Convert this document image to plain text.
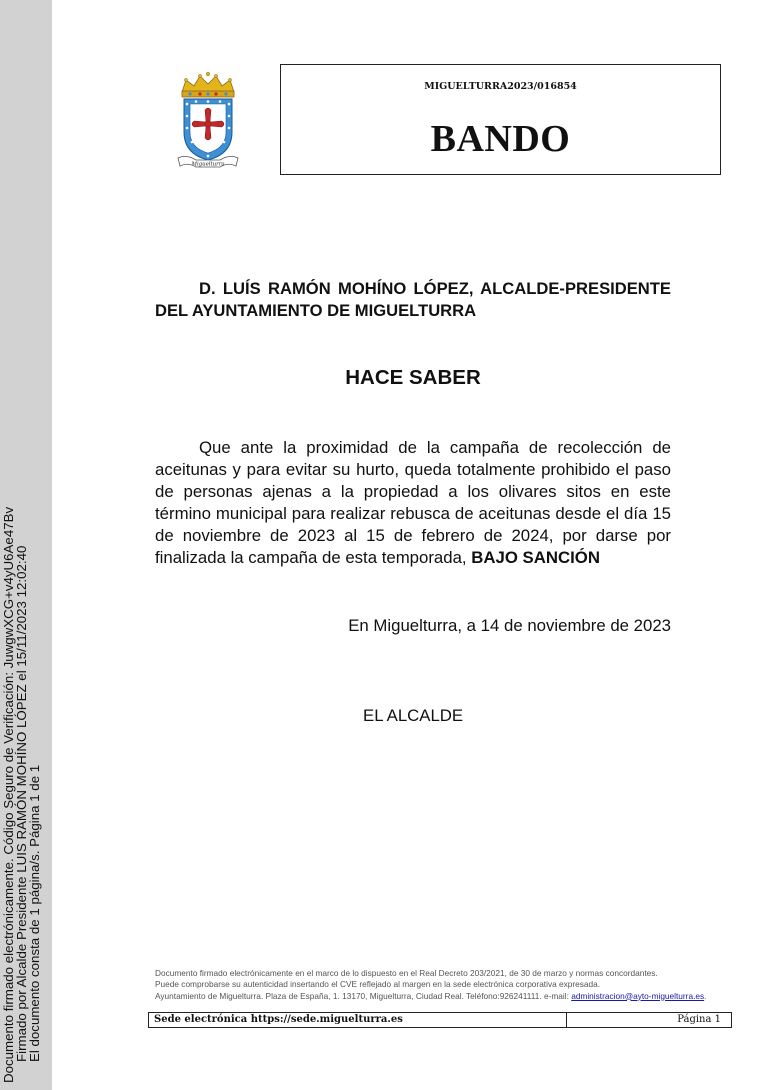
Documento firmado electrónicamente. Código Seguro de Verificación: JuwgwXCG+v4yU6Ae47Bv
Firmado por Alcalde Presidente LUIS RAMÓN MOHÍNO LÓPEZ el 15/11/2023 12:02:40
El documento consta de 1 página/s. Página 1 de 1
Miguelturra
MIGUELTURRA2023/016854
BANDO
D. LUÍS RAMÓN MOHÍNO LÓPEZ, ALCALDE-PRESIDENTE DEL AYUNTAMIENTO DE MIGUELTURRA
HACE SABER
Que ante la proximidad de la campaña de recolección de aceitunas y para evitar su hurto, queda totalmente prohibido el paso de personas ajenas a la propiedad a los olivares sitos en este término municipal para realizar rebusca de aceitunas desde el día 15 de noviembre de 2023 al 15 de febrero de 2024, por darse por finalizada la campaña de esta temporada, BAJO SANCIÓN
En Miguelturra, a 14 de noviembre de 2023
EL ALCALDE
Documento firmado electrónicamente en el marco de lo dispuesto en el Real Decreto 203/2021, de 30 de marzo y normas concordantes.
Puede comprobarse su autenticidad insertando el CVE reflejado al margen en la sede electrónica corporativa expresada.
Ayuntamiento de Miguelturra. Plaza de España, 1. 13170, Miguelturra, Ciudad Real. Teléfono:926241111. e-mail: administracion@ayto-miguelturra.es.
Sede electrónica https://sede.miguelturra.es	Página 1
